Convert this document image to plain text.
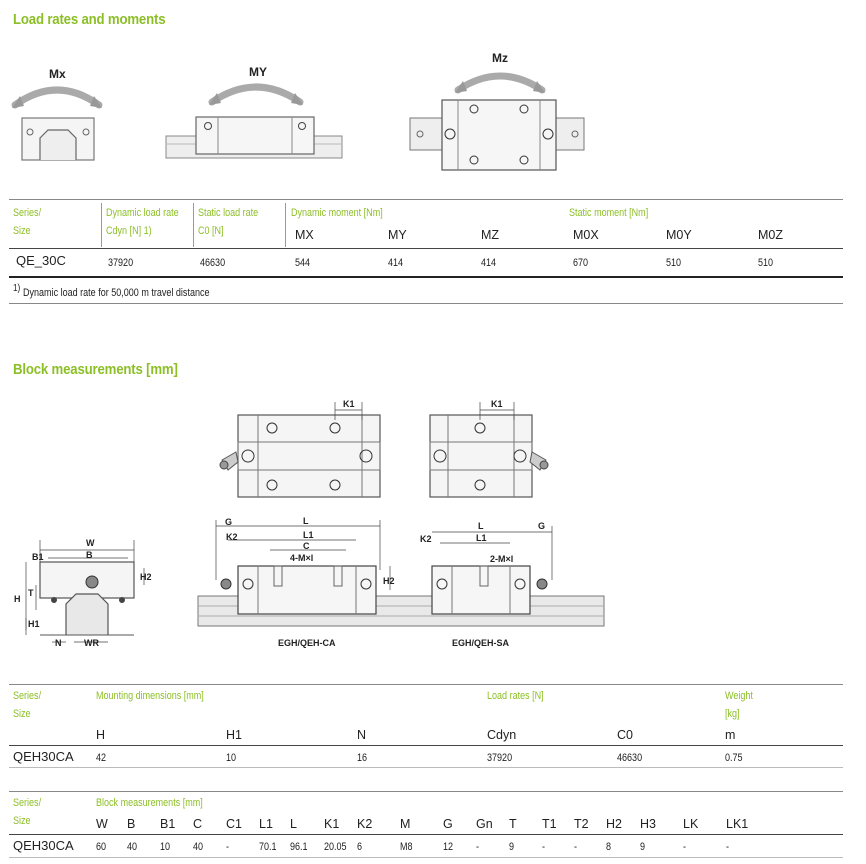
Load rates and moments
Mx	MY
Mz
Series/
Size
Dynamic load rate
Cdyn [N] 1)
Static load rate
C0 [N]
Dynamic moment [Nm]	Static moment [Nm]
MX	MY	MZ	M0X	M0Y	M0Z
QE_30C	37920	46630	544	414	414	670	510	510
1) Dynamic load rate for 50,000 m travel distance
Block measurements [mm]
K1	K1
W
B1	B
H
T
H1
H2
N	WR
G
K2
L
L1
C
4-M×l
H2
L	G
K2	L1
2-M×l
EGH/QEH-CA	EGH/QEH-SA
Series/
Size
Mounting dimensions [mm]	Load rates [N]	Weight
[kg]
H	H1	N	Cdyn	C0	m
QEH30CA 42	10	16	37920	46630	0.75
Series/
Size
Block measurements [mm]
W B B1 C C1 L1 L K1 K2 M	G Gn T T1 T2 H2 H3 LK LK1
QEH30CA 60 40 10 40 -	70.1 96.1 20.05 6	M8	12 -	9	-	-	8	9	-	-
